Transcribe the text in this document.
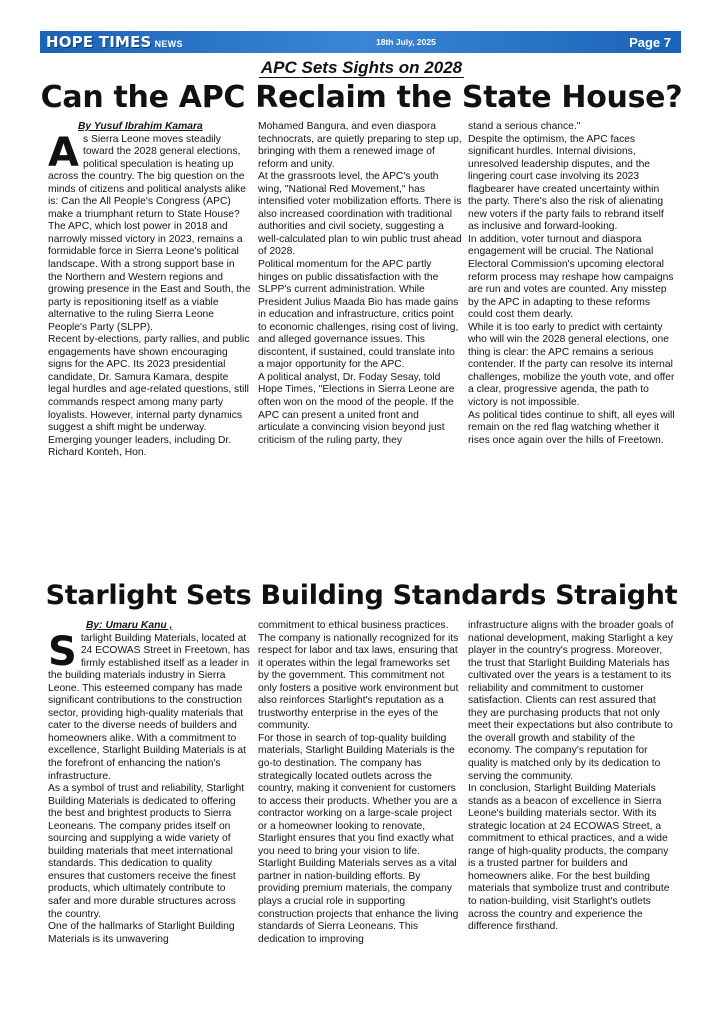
HOPE TIMES NEWS	18th July, 2025	Page 7
APC Sets Sights on 2028
Can the APC Reclaim the State House?

By Yusuf Ibrahim Kamara

A s Sierra Leone moves steadily toward the 2028 general elections, political speculation is heating up across the country. The big question on the minds of citizens and political analysts alike is: Can the All People's Congress (APC) make a triumphant return to State House?

The APC, which lost power in 2018 and narrowly missed victory in 2023, remains a formidable force in Sierra Leone's political landscape. With a strong support base in the Northern and Western regions and growing presence in the East and South, the party is repositioning itself as a viable alternative to the ruling Sierra Leone People's Party (SLPP).

Recent by-elections, party rallies, and public engagements have shown encouraging signs for the APC. Its 2023 presidential candidate, Dr. Samura Kamara, despite legal hurdles and age-related questions, still commands respect among many party loyalists. However, internal party dynamics suggest a shift might be underway. Emerging younger leaders, including Dr. Richard Konteh, Hon.

Mohamed Bangura, and even diaspora technocrats, are quietly preparing to step up, bringing with them a renewed image of reform and unity.

At the grassroots level, the APC's youth wing, "National Red Movement," has intensified voter mobilization efforts. There is also increased coordination with traditional authorities and civil society, suggesting a well-calculated plan to win public trust ahead of 2028.

Political momentum for the APC partly hinges on public dissatisfaction with the SLPP's current administration. While President Julius Maada Bio has made gains in education and infrastructure, critics point to economic challenges, rising cost of living, and alleged governance issues. This discontent, if sustained, could translate into a major opportunity for the APC.

A political analyst, Dr. Foday Sesay, told Hope Times, "Elections in Sierra Leone are often won on the mood of the people. If the APC can present a united front and articulate a convincing vision beyond just criticism of the ruling party, they

stand a serious chance."

Despite the optimism, the APC faces significant hurdles. Internal divisions, unresolved leadership disputes, and the lingering court case involving its 2023 flagbearer have created uncertainty within the party. There's also the risk of alienating new voters if the party fails to rebrand itself as inclusive and forward-looking.

In addition, voter turnout and diaspora engagement will be crucial. The National Electoral Commission's upcoming electoral reform process may reshape how campaigns are run and votes are counted. Any misstep by the APC in adapting to these reforms could cost them dearly.

While it is too early to predict with certainty who will win the 2028 general elections, one thing is clear: the APC remains a serious contender. If the party can resolve its internal challenges, mobilize the youth vote, and offer a clear, progressive agenda, the path to victory is not impossible.

As political tides continue to shift, all eyes will remain on the red flag watching whether it rises once again over the hills of Freetown.

Starlight Sets Building Standards Straight

By: Umaru Kanu ,

S tarlight Building Materials, located at 24 ECOWAS Street in Freetown, has firmly established itself as a leader in the building materials industry in Sierra Leone. This esteemed company has made significant contributions to the construction sector, providing high-quality materials that cater to the diverse needs of builders and homeowners alike. With a commitment to excellence, Starlight Building Materials is at the forefront of enhancing the nation's infrastructure.

As a symbol of trust and reliability, Starlight Building Materials is dedicated to offering the best and brightest products to Sierra Leoneans. The company prides itself on sourcing and supplying a wide variety of building materials that meet international standards. This dedication to quality ensures that customers receive the finest products, which ultimately contribute to safer and more durable structures across the country.

One of the hallmarks of Starlight Building Materials is its unwavering

commitment to ethical business practices. The company is nationally recognized for its respect for labor and tax laws, ensuring that it operates within the legal frameworks set by the government. This commitment not only fosters a positive work environment but also reinforces Starlight's reputation as a trustworthy enterprise in the eyes of the community.

For those in search of top-quality building materials, Starlight Building Materials is the go-to destination. The company has strategically located outlets across the country, making it convenient for customers to access their products. Whether you are a contractor working on a large-scale project or a homeowner looking to renovate, Starlight ensures that you find exactly what you need to bring your vision to life.

Starlight Building Materials serves as a vital partner in nation-building efforts. By providing premium materials, the company plays a crucial role in supporting construction projects that enhance the living standards of Sierra Leoneans. This dedication to improving

infrastructure aligns with the broader goals of national development, making Starlight a key player in the country's progress. Moreover, the trust that Starlight Building Materials has cultivated over the years is a testament to its reliability and commitment to customer satisfaction. Clients can rest assured that they are purchasing products that not only meet their expectations but also contribute to the overall growth and stability of the economy. The company's reputation for quality is matched only by its dedication to serving the community.

In conclusion, Starlight Building Materials stands as a beacon of excellence in Sierra Leone's building materials sector. With its strategic location at 24 ECOWAS Street, a commitment to ethical practices, and a wide range of high-quality products, the company is a trusted partner for builders and homeowners alike. For the best building materials that symbolize trust and contribute to nation-building, visit Starlight's outlets across the country and experience the difference firsthand.
